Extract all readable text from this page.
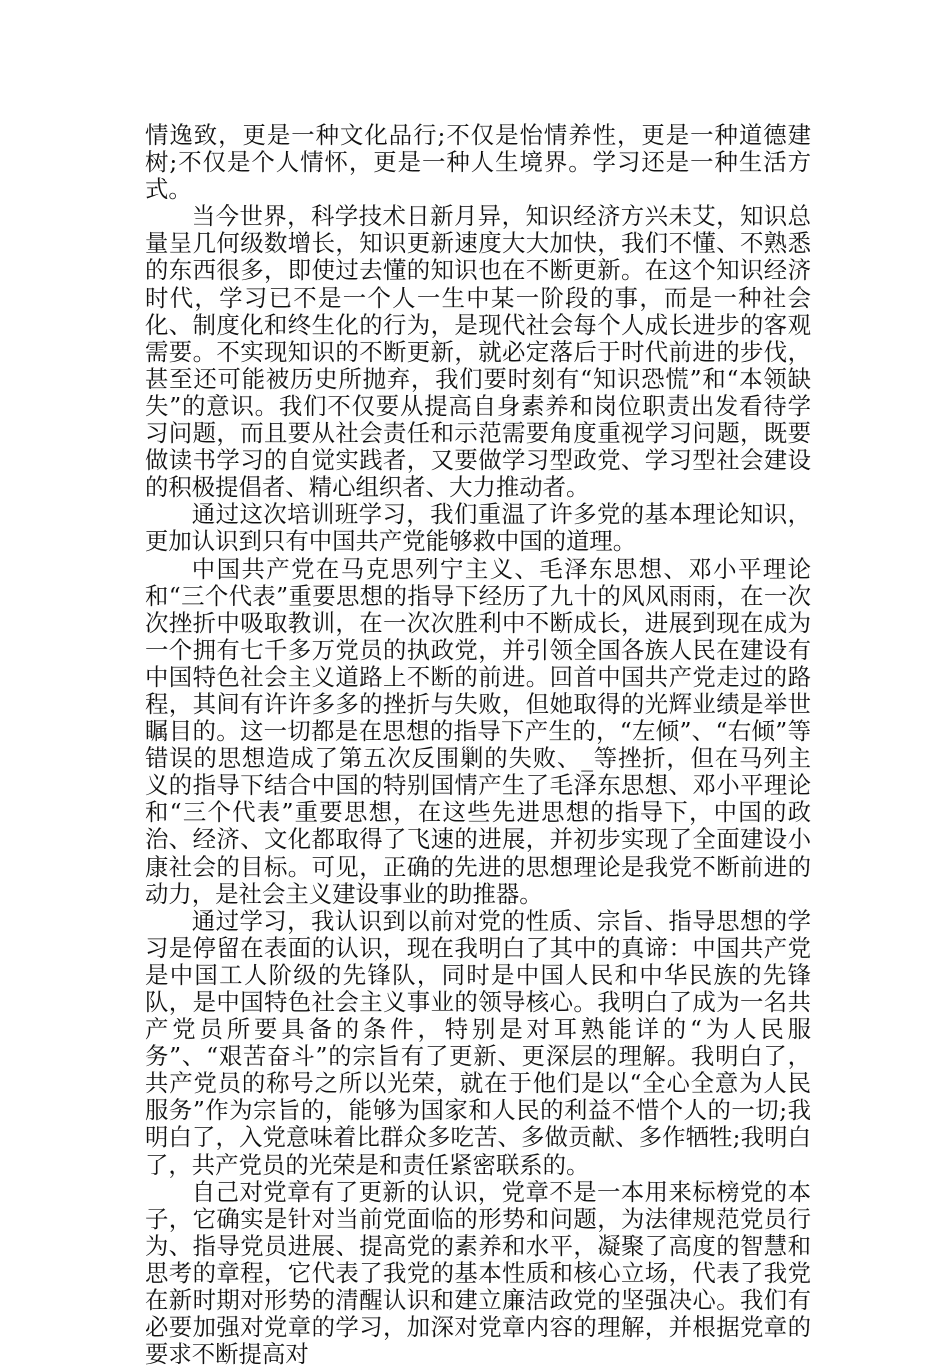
情逸致，更是一种文化品行;不仅是怡情养性，更是一种道德建树;不仅是个人情怀，更是一种人生境界。学习还是一种生活方式。

当今世界，科学技术日新月异，知识经济方兴未艾，知识总量呈几何级数增长，知识更新速度大大加快，我们不懂、不熟悉的东西很多，即使过去懂的知识也在不断更新。在这个知识经济时代，学习已不是一个人一生中某一阶段的事，而是一种社会化、制度化和终生化的行为，是现代社会每个人成长进步的客观需要。不实现知识的不断更新，就必定落后于时代前进的步伐，甚至还可能被历史所抛弃，我们要时刻有“知识恐慌”和“本领缺失”的意识。我们不仅要从提高自身素养和岗位职责出发看待学习问题，而且要从社会责任和示范需要角度重视学习问题，既要做读书学习的自觉实践者，又要做学习型政党、学习型社会建设的积极提倡者、精心组织者、大力推动者。

通过这次培训班学习，我们重温了许多党的基本理论知识，更加认识到只有中国共产党能够救中国的道理。

中国共产党在马克思列宁主义、毛泽东思想、邓小平理论和“三个代表”重要思想的指导下经历了九十的风风雨雨，在一次次挫折中吸取教训，在一次次胜利中不断成长，进展到现在成为一个拥有七千多万党员的执政党，并引领全国各族人民在建设有中国特色社会主义道路上不断的前进。回首中国共产党走过的路程，其间有许许多多的挫折与失败，但她取得的光辉业绩是举世瞩目的。这一切都是在思想的指导下产生的，“左倾”、“右倾”等错误的思想造成了第五次反围剿的失败、_等挫折，但在马列主义的指导下结合中国的特别国情产生了毛泽东思想、邓小平理论和“三个代表”重要思想，在这些先进思想的指导下，中国的政治、经济、文化都取得了飞速的进展，并初步实现了全面建设小康社会的目标。可见，正确的先进的思想理论是我党不断前进的动力，是社会主义建设事业的助推器。

通过学习，我认识到以前对党的性质、宗旨、指导思想的学习是停留在表面的认识，现在我明白了其中的真谛：中国共产党是中国工人阶级的先锋队，同时是中国人民和中华民族的先锋队，是中国特色社会主义事业的领导核心。我明白了成为一名共产党员所要具备的条件，特别是对耳熟能详的“为人民服务”、“艰苦奋斗”的宗旨有了更新、更深层的理解。我明白了，共产党员的称号之所以光荣，就在于他们是以“全心全意为人民服务”作为宗旨的，能够为国家和人民的利益不惜个人的一切;我明白了，入党意味着比群众多吃苦、多做贡献、多作牺牲;我明白了，共产党员的光荣是和责任紧密联系的。

自己对党章有了更新的认识，党章不是一本用来标榜党的本子，它确实是针对当前党面临的形势和问题，为法律规范党员行为、指导党员进展、提高党的素养和水平，凝聚了高度的智慧和思考的章程，它代表了我党的基本性质和核心立场，代表了我党在新时期对形势的清醒认识和建立廉洁政党的坚强决心。我们有必要加强对党章的学习，加深对党章内容的理解，并根据党章的要求不断提高对
